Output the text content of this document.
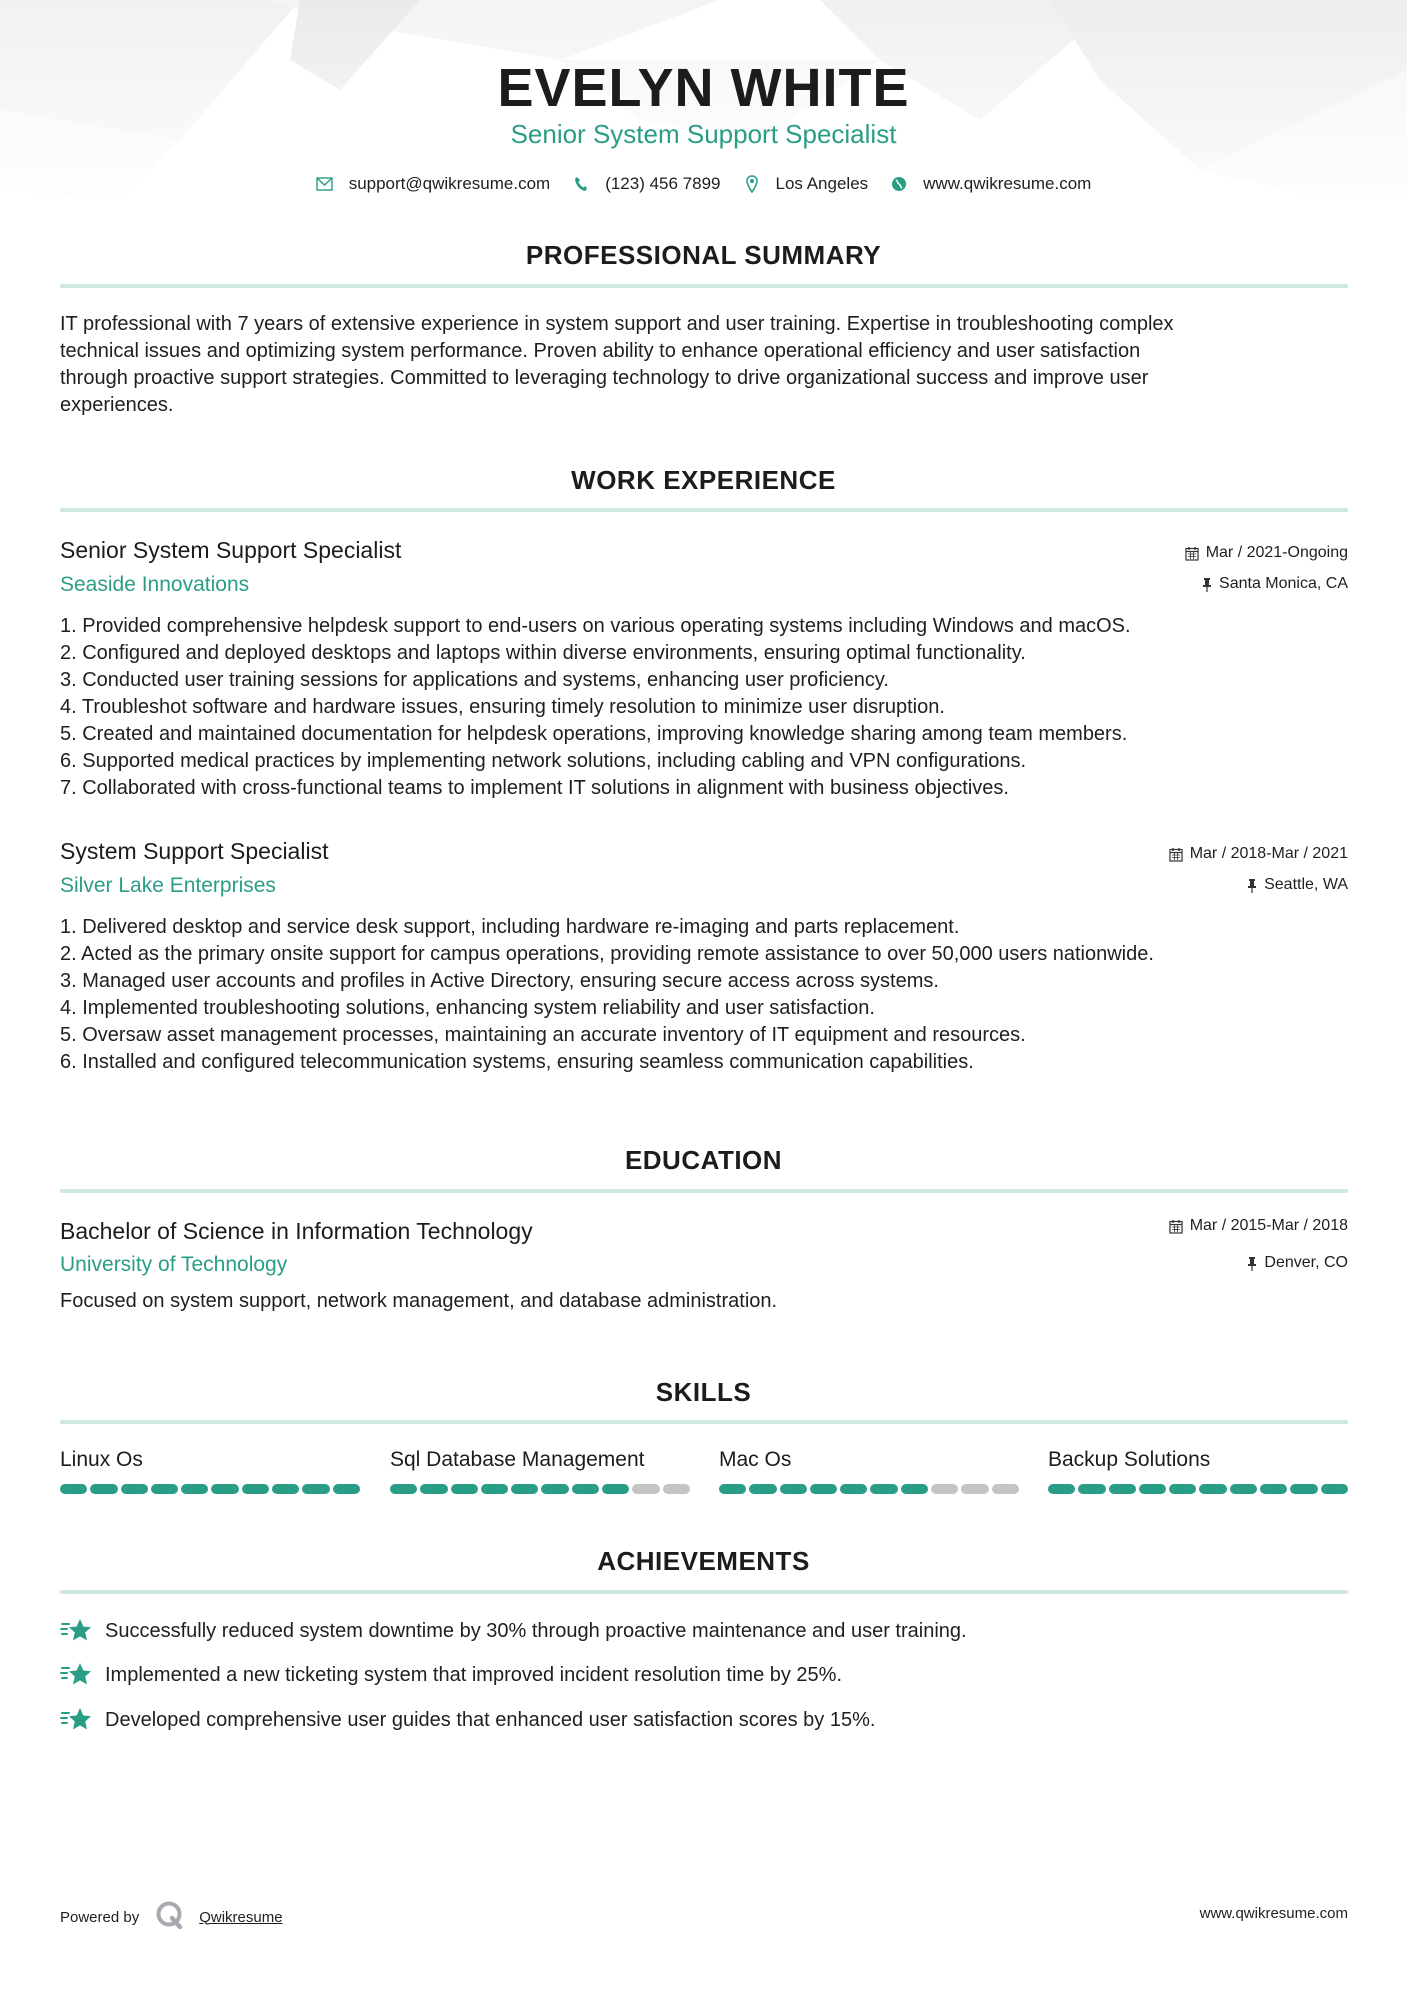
EVELYN WHITE
Senior System Support Specialist
support@qwikresume.com	(123) 456 7899	Los Angeles	www.qwikresume.com
PROFESSIONAL SUMMARY
IT professional with 7 years of extensive experience in system support and user training. Expertise in troubleshooting complex
technical issues and optimizing system performance. Proven ability to enhance operational efficiency and user satisfaction
through proactive support strategies. Committed to leveraging technology to drive organizational success and improve user
experiences.
WORK EXPERIENCE
Senior System Support Specialist
Seaside Innovations
Mar / 2021-Ongoing
Santa Monica, CA
1. Provided comprehensive helpdesk support to end-users on various operating systems including Windows and macOS.
2. Configured and deployed desktops and laptops within diverse environments, ensuring optimal functionality.
3. Conducted user training sessions for applications and systems, enhancing user proficiency.
4. Troubleshot software and hardware issues, ensuring timely resolution to minimize user disruption.
5. Created and maintained documentation for helpdesk operations, improving knowledge sharing among team members.
6. Supported medical practices by implementing network solutions, including cabling and VPN configurations.
7. Collaborated with cross-functional teams to implement IT solutions in alignment with business objectives.
System Support Specialist
Silver Lake Enterprises
Mar / 2018-Mar / 2021
Seattle, WA
1. Delivered desktop and service desk support, including hardware re-imaging and parts replacement.
2. Acted as the primary onsite support for campus operations, providing remote assistance to over 50,000 users nationwide.
3. Managed user accounts and profiles in Active Directory, ensuring secure access across systems.
4. Implemented troubleshooting solutions, enhancing system reliability and user satisfaction.
5. Oversaw asset management processes, maintaining an accurate inventory of IT equipment and resources.
6. Installed and configured telecommunication systems, ensuring seamless communication capabilities.
EDUCATION
Bachelor of Science in Information Technology
University of Technology
Mar / 2015-Mar / 2018
Denver, CO
Focused on system support, network management, and database administration.
SKILLS
Linux Os	Sql Database Management	Mac Os	Backup Solutions
ACHIEVEMENTS
Successfully reduced system downtime by 30% through proactive maintenance and user training.
Implemented a new ticketing system that improved incident resolution time by 25%.
Developed comprehensive user guides that enhanced user satisfaction scores by 15%.
Powered by	Qwikresume	www.qwikresume.com
